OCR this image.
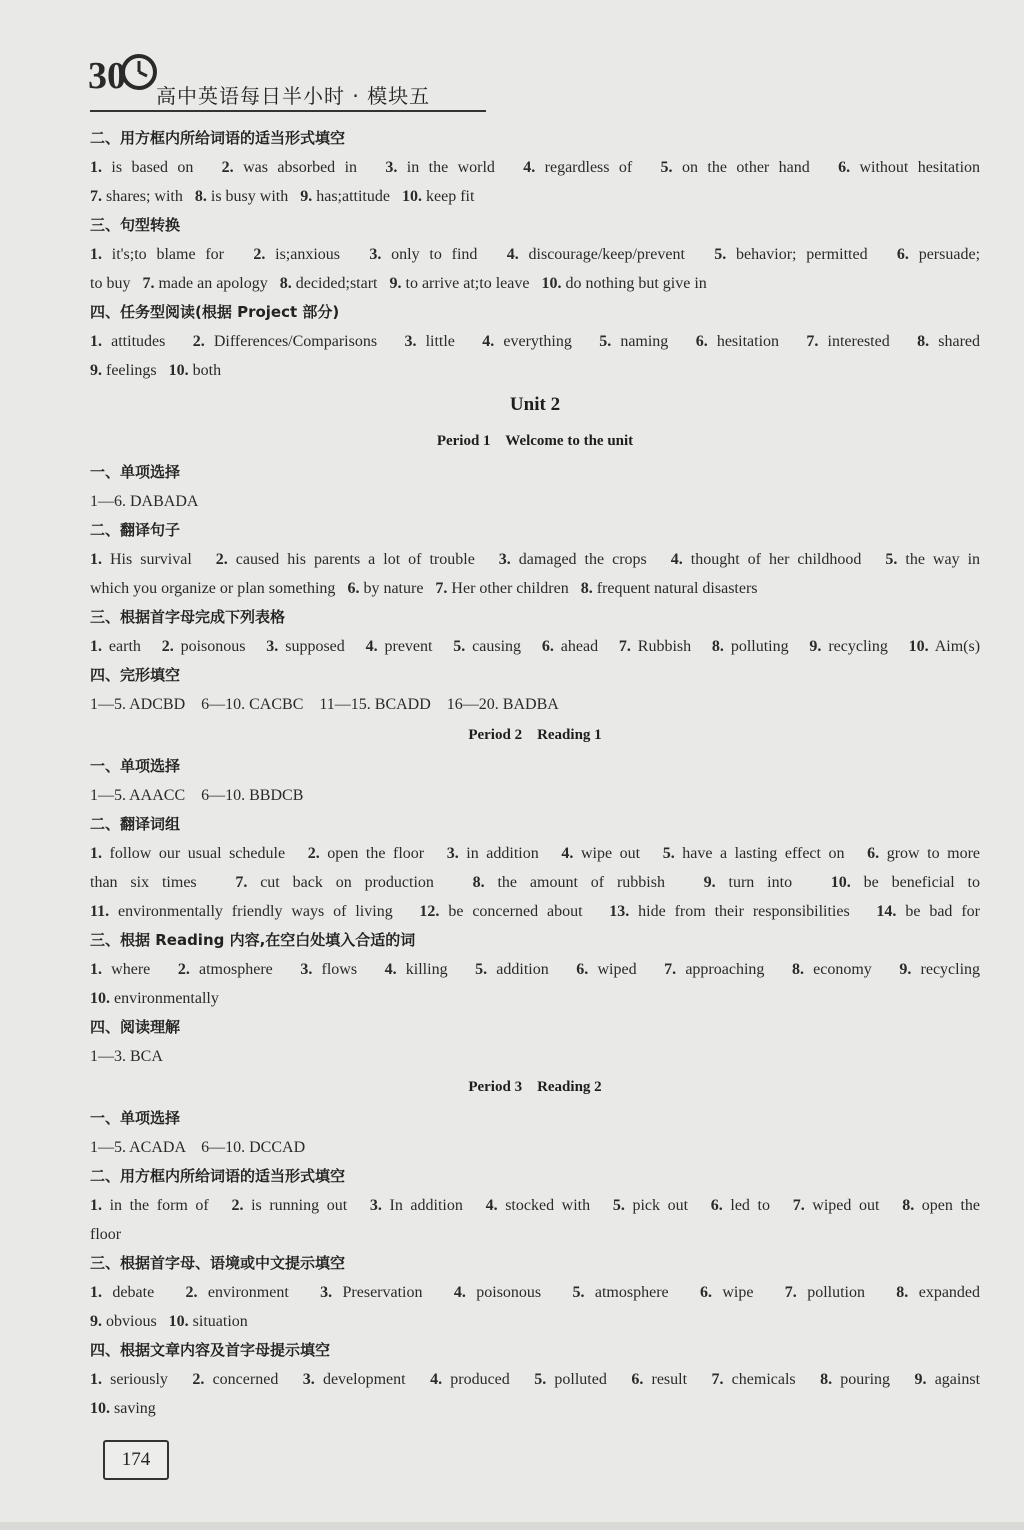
30 高中英语每日半小时 · 模块五
二、用方框内所给词语的适当形式填空
1. is based on   2. was absorbed in   3. in the world   4. regardless of   5. on the other hand   6. without hesitation
7. shares; with   8. is busy with   9. has;attitude   10. keep fit
三、句型转换
1. it's;to blame for   2. is;anxious   3. only to find   4. discourage/keep/prevent   5. behavior; permitted   6. persuade;
to buy   7. made an apology   8. decided;start   9. to arrive at;to leave   10. do nothing but give in
四、任务型阅读(根据 Project 部分)
1. attitudes   2. Differences/Comparisons   3. little   4. everything   5. naming   6. hesitation   7. interested   8. shared
9. feelings   10. both
Unit 2
Period 1    Welcome to the unit
一、单项选择
1—6. DABADA
二、翻译句子
1. His survival   2. caused his parents a lot of trouble   3. damaged the crops   4. thought of her childhood   5. the way in
which you organize or plan something   6. by nature   7. Her other children   8. frequent natural disasters
三、根据首字母完成下列表格
1. earth   2. poisonous   3. supposed   4. prevent   5. causing   6. ahead   7. Rubbish   8. polluting   9. recycling   10. Aim(s)
四、完形填空
1—5. ADCBD    6—10. CACBC    11—15. BCADD    16—20. BADBA
Period 2    Reading 1
一、单项选择
1—5. AAACC    6—10. BBDCB
二、翻译词组
1. follow our usual schedule   2. open the floor   3. in addition   4. wipe out   5. have a lasting effect on   6. grow to more
than six times   7. cut back on production   8. the amount of rubbish   9. turn into   10. be beneficial to
11. environmentally friendly ways of living   12. be concerned about   13. hide from their responsibilities   14. be bad for
三、根据 Reading 内容,在空白处填入合适的词
1. where   2. atmosphere   3. flows   4. killing   5. addition   6. wiped   7. approaching   8. economy   9. recycling
10. environmentally
四、阅读理解
1—3. BCA
Period 3    Reading 2
一、单项选择
1—5. ACADA    6—10. DCCAD
二、用方框内所给词语的适当形式填空
1. in the form of   2. is running out   3. In addition   4. stocked with   5. pick out   6. led to   7. wiped out   8. open the
floor
三、根据首字母、语境或中文提示填空
1. debate   2. environment   3. Preservation   4. poisonous   5. atmosphere   6. wipe   7. pollution   8. expanded
9. obvious   10. situation
四、根据文章内容及首字母提示填空
1. seriously   2. concerned   3. development   4. produced   5. polluted   6. result   7. chemicals   8. pouring   9. against
10. saving
174
